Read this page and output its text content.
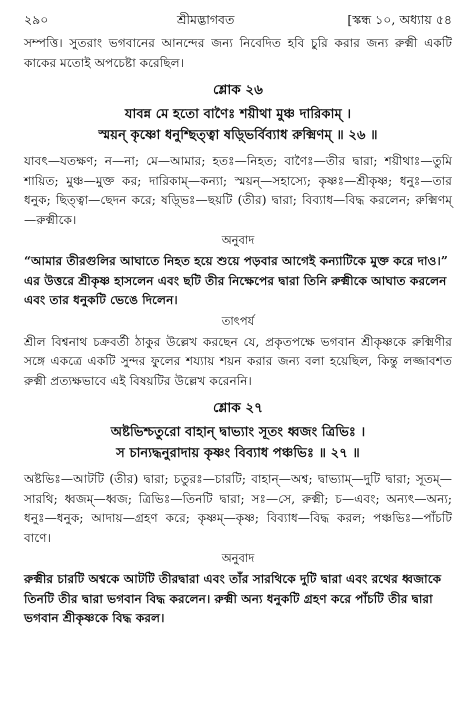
২৯০	শ্রীমদ্ভাগবত	[স্কন্ধ ১০, অধ্যায় ৫৪

সম্পত্তি। সুতরাং ভগবানের আনন্দের জন্য নিবেদিত হবি চুরি করার জন্য রুক্মী একটি কাকের মতোই অপচেষ্টা করেছিল।

শ্লোক ২৬
যাবন্ন মে হতো বাণৈঃ শয়ীথা মুঞ্চ দারিকাম্ ।
স্ময়ন্ কৃষ্ণো ধনুশ্ছিত্ত্বা ষড়্ভির্বিব্যাধ রুক্মিণম্ ॥ ২৬ ॥

যাবৎ—যতক্ষণ; ন—না; মে—আমার; হতঃ—নিহত; বাণৈঃ—তীর দ্বারা; শয়ীথাঃ—তুমি শায়িত; মুঞ্চ—মুক্ত কর; দারিকাম্—কন্যা; স্ময়ন্—সহাস্যে; কৃষ্ণঃ—শ্রীকৃষ্ণ; ধনুঃ—তার ধনুক; ছিত্ত্বা—ছেদন করে; ষড়্ভিঃ—ছয়টি (তীর) দ্বারা; বিব্যাধ—বিদ্ধ করলেন; রুক্মিণম্—রুক্মীকে।

অনুবাদ

“আমার তীরগুলির আঘাতে নিহত হয়ে শুয়ে পড়বার আগেই কন্যাটিকে মুক্ত করে দাও।” এর উত্তরে শ্রীকৃষ্ণ হাসলেন এবং ছটি তীর নিক্ষেপের দ্বারা তিনি রুক্মীকে আঘাত করলেন এবং তার ধনুকটি ভেঙে দিলেন।

তাৎপর্য

শ্রীল বিশ্বনাথ চক্রবর্তী ঠাকুর উল্লেখ করছেন যে, প্রকৃতপক্ষে ভগবান শ্রীকৃষ্ণকে রুক্মিণীর সঙ্গে একত্রে একটি সুন্দর ফুলের শয্যায় শয়ন করার জন্য বলা হয়েছিল, কিন্তু লজ্জাবশত রুক্মী প্রত্যক্ষভাবে এই বিষয়টির উল্লেখ করেননি।

শ্লোক ২৭
অষ্টভিশ্চতুরো বাহান্ দ্বাভ্যাং সূতং ধ্বজং ত্রিভিঃ ।
স চান্যদ্ধনুরাদায় কৃষ্ণং বিব্যাধ পঞ্চভিঃ ॥ ২৭ ॥

অষ্টভিঃ—আটটি (তীর) দ্বারা; চতুরঃ—চারটি; বাহান্—অশ্ব; দ্বাভ্যাম্—দুটি দ্বারা; সূতম্—সারথি; ধ্বজম্—ধ্বজ; ত্রিভিঃ—তিনটি দ্বারা; সঃ—সে, রুক্মী; চ—এবং; অন্যৎ—অন্য; ধনুঃ—ধনুক; আদায়—গ্রহণ করে; কৃষ্ণম্—কৃষ্ণ; বিব্যাধ—বিদ্ধ করল; পঞ্চভিঃ—পাঁচটি বাণে।

অনুবাদ

রুক্মীর চারটি অশ্বকে আটটি তীরদ্বারা এবং তাঁর সারথিকে দুটি দ্বারা এবং রথের ধ্বজাকে তিনটি তীর দ্বারা ভগবান বিদ্ধ করলেন। রুক্মী অন্য ধনুকটি গ্রহণ করে পাঁচটি তীর দ্বারা ভগবান শ্রীকৃষ্ণকে বিদ্ধ করল।
